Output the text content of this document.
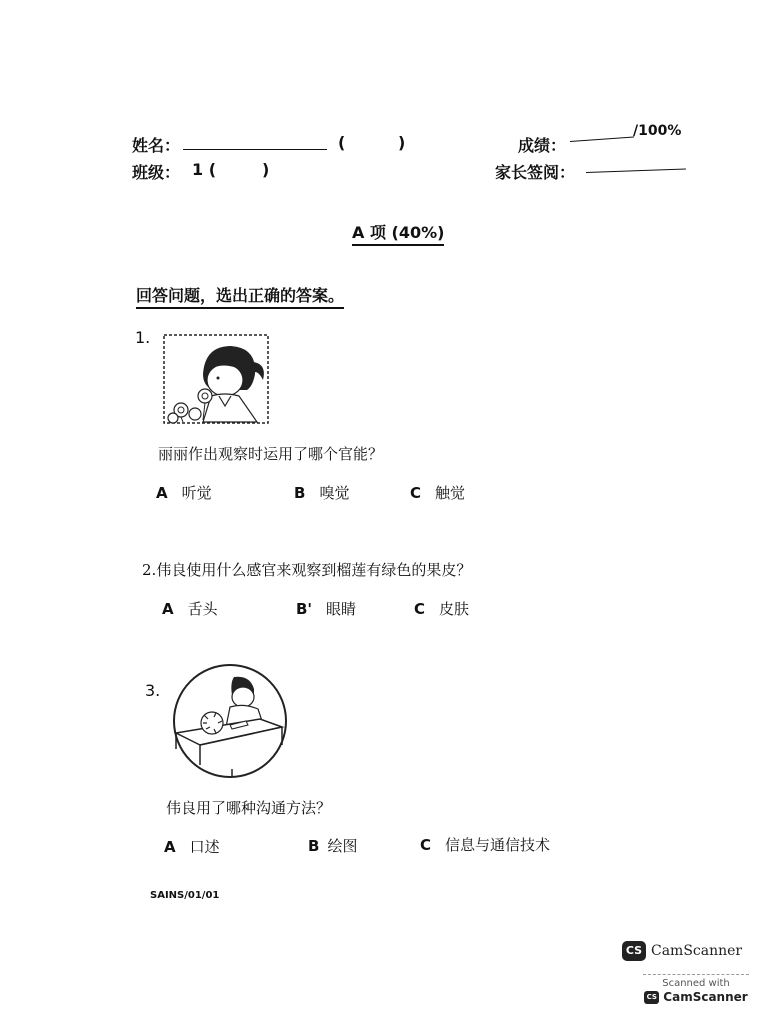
姓名：	(	)	成绩：
/100%
班级： 1 (	)	家长签阅：
A 项 (40%)
回答问题，选出正确的答案。
1.
丽丽作出观察时运用了哪个官能？
A 听觉	B 嗅觉	C 触觉
2.伟良使用什么感官来观察到榴莲有绿色的果皮？
A 舌头	B' 眼睛	C 皮肤
3.
伟良用了哪种沟通方法？
A 口述	B 绘图	C 信息与通信技术
SAINS/01/01
CS CamScanner
Scanned with
CS CamScanner
